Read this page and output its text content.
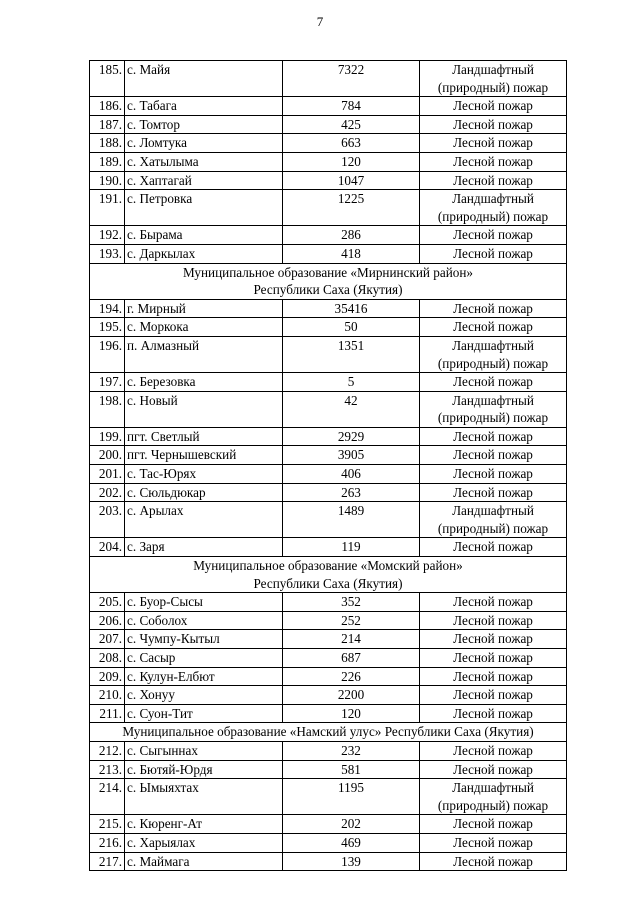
7
185.	с. Майя	7322	Ландшафтный
(природный) пожар

186.	с. Табага	784	Лесной пожар

187.	с. Томтор	425	Лесной пожар

188.	с. Ломтука	663	Лесной пожар

189.	с. Хатылыма	120	Лесной пожар

190.	с. Хаптагай	1047	Лесной пожар

191.	с. Петровка	1225	Ландшафтный
(природный) пожар

192.	с. Бырама	286	Лесной пожар

193.	с. Даркылах	418	Лесной пожар

Муниципальное образование «Мирнинский район»
Республики Саха (Якутия)			

194.	г. Мирный	35416	Лесной пожар

195.	с. Моркока	50	Лесной пожар

196.	п. Алмазный	1351	Ландшафтный
(природный) пожар

197.	с. Березовка	5	Лесной пожар

198.	с. Новый	42	Ландшафтный
(природный) пожар

199.	пгт. Светлый	2929	Лесной пожар

200.	пгт. Чернышевский	3905	Лесной пожар

201.	с. Тас-Юрях	406	Лесной пожар

202.	с. Сюльдюкар	263	Лесной пожар

203.	с. Арылах	1489	Ландшафтный
(природный) пожар

204.	с. Заря	119	Лесной пожар

Муниципальное образование «Момский район»
Республики Саха (Якутия)			

205.	с. Буор-Сысы	352	Лесной пожар

206.	с. Соболох	252	Лесной пожар

207.	с. Чумпу-Кытыл	214	Лесной пожар

208.	с. Сасыр	687	Лесной пожар

209.	с. Кулун-Елбют	226	Лесной пожар

210.	с. Хонуу	2200	Лесной пожар

211.	с. Суон-Тит	120	Лесной пожар

Муниципальное образование «Намский улус» Республики Саха (Якутия)			

212.	с. Сыгыннах	232	Лесной пожар

213.	с. Бютяй-Юрдя	581	Лесной пожар

214.	с. Ымыяхтах	1195	Ландшафтный
(природный) пожар

215.	с. Кюренг-Ат	202	Лесной пожар

216.	с. Харыялах	469	Лесной пожар

217.	с. Маймага	139	Лесной пожар
